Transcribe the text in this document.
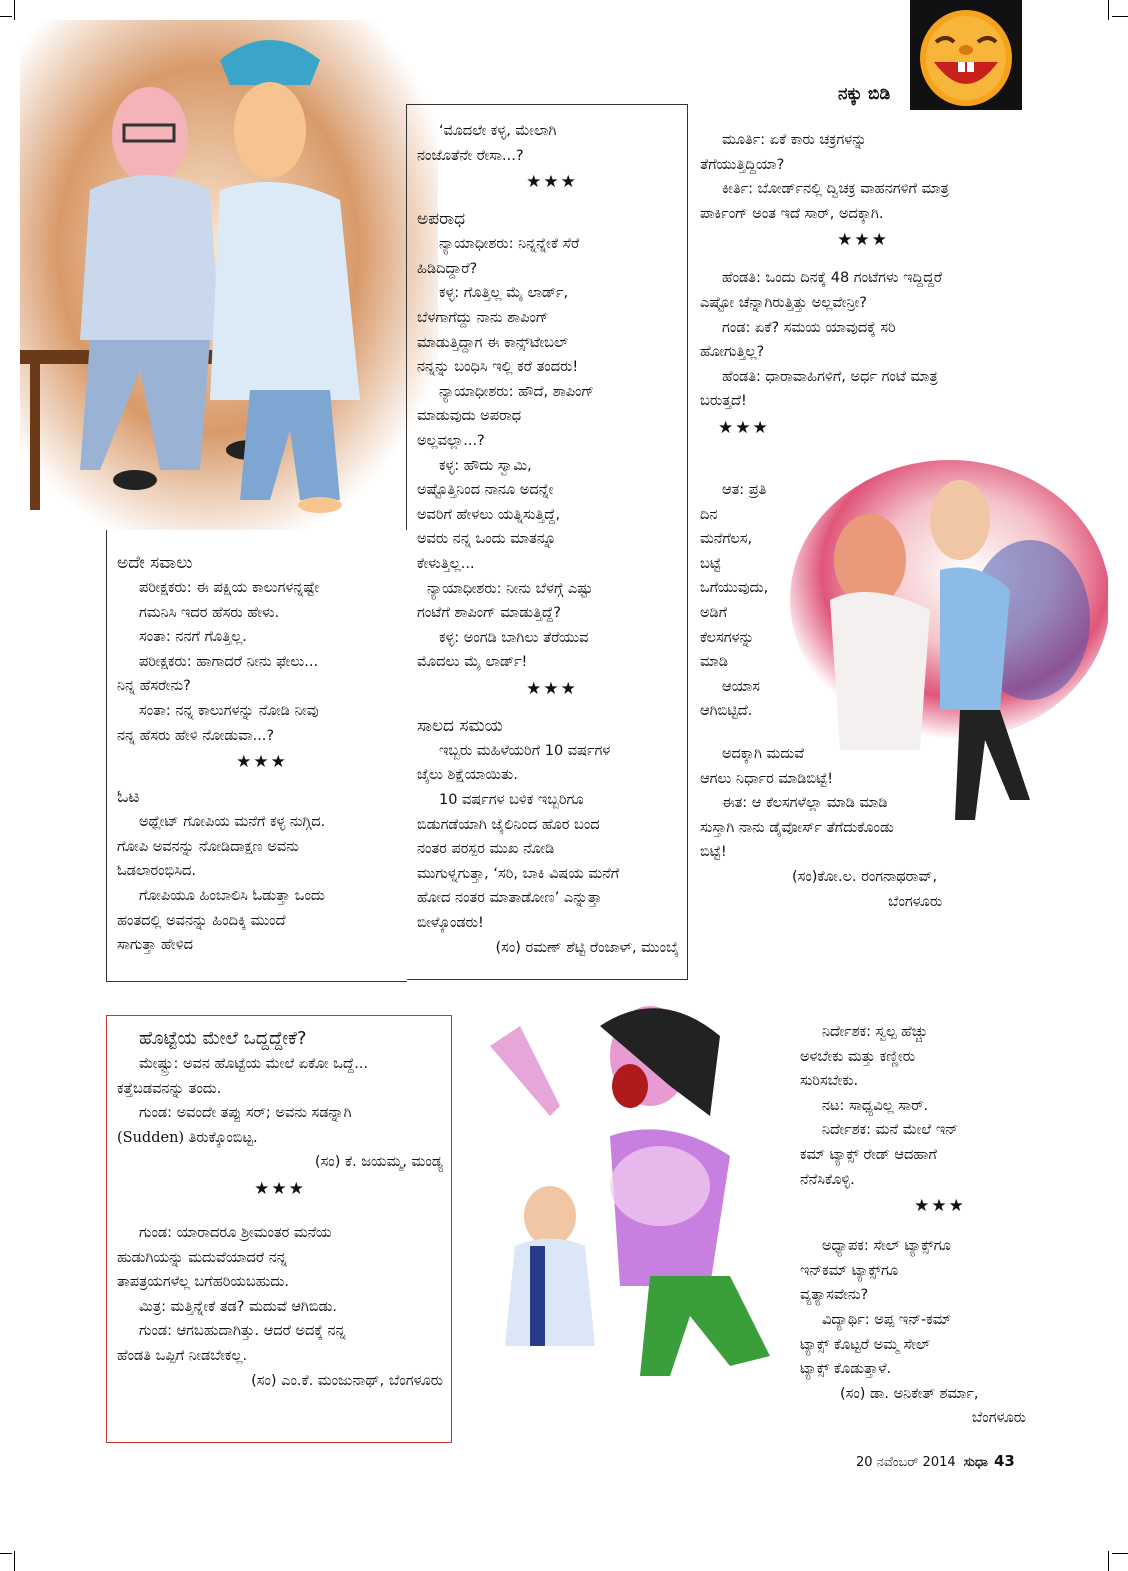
ನಕ್ಕು ಬಿಡಿ

‘ಮೊದಲೇ ಕಳ್ಳ, ಮೇಲಾಗಿ

ನಂಜೊತೆನೇ ರೇಸಾ...?

★★★
ಅಪರಾಧ

ನ್ಯಾಯಾಧೀಶರು: ನಿನ್ನನ್ನೇಕೆ ಸೆರೆ

ಹಿಡಿದಿದ್ದಾರೆ?

ಕಳ್ಳ: ಗೊತ್ತಿಲ್ಲ ಮೈ ಲಾರ್ಡ್,

ಬೆಳಗಾಗೆದ್ದು ನಾನು ಶಾಪಿಂಗ್

ಮಾಡುತ್ತಿದ್ದಾಗ ಈ ಕಾನ್ಸ್‌ಟೇಬಲ್

ನನ್ನನ್ನು ಬಂಧಿಸಿ ಇಲ್ಲಿ ಕರೆ ತಂದರು!

ನ್ಯಾಯಾಧೀಶರು: ಹೌದೆ, ಶಾಪಿಂಗ್

ಮಾಡುವುದು ಅಪರಾಧ

ಅಲ್ಲವಲ್ಲಾ...?

ಕಳ್ಳ: ಹೌದು ಸ್ವಾಮಿ,

ಅಷ್ಟೊತ್ತಿನಿಂದ ನಾನೂ ಅದನ್ನೇ

ಅವರಿಗೆ ಹೇಳಲು ಯತ್ನಿಸುತ್ತಿದ್ದೆ,

ಅವರು ನನ್ನ ಒಂದು ಮಾತನ್ನೂ

ಕೇಳುತ್ತಿಲ್ಲ...

ನ್ಯಾಯಾಧೀಶರು: ನೀನು ಬೆಳಗ್ಗೆ ಎಷ್ಟು

ಗಂಟೆಗೆ ಶಾಪಿಂಗ್ ಮಾಡುತ್ತಿದ್ದೆ?

ಕಳ್ಳ: ಅಂಗಡಿ ಬಾಗಿಲು ತೆರೆಯುವ

ಮೊದಲು ಮೈ ಲಾರ್ಡ್!

★★★
ಸಾಲದ ಸಮಯ

ಇಬ್ಬರು ಮಹಿಳೆಯರಿಗೆ 10 ವರ್ಷಗಳ

ಜೈಲು ಶಿಕ್ಷೆಯಾಯಿತು.

10 ವರ್ಷಗಳ ಬಳಿಕ ಇಬ್ಬರಿಗೂ

ಬಿಡುಗಡೆಯಾಗಿ ಜೈಲಿನಿಂದ ಹೊರ ಬಂದ

ನಂತರ ಪರಸ್ಪರ ಮುಖ ನೋಡಿ

ಮುಗುಳ್ನಗುತ್ತಾ, ‘ಸರಿ, ಬಾಕಿ ವಿಷಯ ಮನೆಗೆ

ಹೋದ ನಂತರ ಮಾತಾಡೋಣ’ ಎನ್ನುತ್ತಾ

ಬೀಳ್ಕೊಂಡರು!

(ಸಂ) ರಮಣ್ ಶೆಟ್ಟಿ ರೆಂಜಾಳ್, ಮುಂಬೈ

ಅದೇ ಸವಾಲು

ಪರೀಕ್ಷಕರು: ಈ ಪಕ್ಷಿಯ ಕಾಲುಗಳನ್ನಷ್ಟೇ

ಗಮನಿಸಿ ಇದರ ಹೆಸರು ಹೇಳು.

ಸಂತಾ: ನನಗೆ ಗೊತ್ತಿಲ್ಲ.

ಪರೀಕ್ಷಕರು: ಹಾಗಾದರೆ ನೀನು ಫೇಲು...

ನಿನ್ನ ಹೆಸರೇನು?

ಸಂತಾ: ನನ್ನ ಕಾಲುಗಳನ್ನು ನೋಡಿ ನೀವು

ನನ್ನ ಹೆಸರು ಹೇಳಿ ನೋಡುವಾ...?

★★★
ಓಟ

ಅಥ್ಲೇಟ್ ಗೋಪಿಯ ಮನೆಗೆ ಕಳ್ಳ ನುಗ್ಗಿದ.

ಗೋಪಿ ಅವನನ್ನು ನೋಡಿದಾಕ್ಷಣ ಅವನು

ಓಡಲಾರಂಭಿಸಿದ.

ಗೋಪಿಯೂ ಹಿಂಬಾಲಿಸಿ ಓಡುತ್ತಾ ಒಂದು

ಹಂತದಲ್ಲಿ ಅವನನ್ನು ಹಿಂದಿಕ್ಕಿ ಮುಂದೆ

ಸಾಗುತ್ತಾ ಹೇಳಿದ

ಮೂರ್ತಿ: ಏಕೆ ಕಾರು ಚಕ್ರಗಳನ್ನು

ತೆಗೆಯುತ್ತಿದ್ದಿಯಾ?

ಕೀರ್ತಿ: ಬೋರ್ಡ್‌ನಲ್ಲಿ ದ್ವಿಚಕ್ರ ವಾಹನಗಳಿಗೆ ಮಾತ್ರ

ಪಾರ್ಕಿಂಗ್ ಅಂತ ಇದೆ ಸಾರ್, ಅದಕ್ಕಾಗಿ.

★★★

ಹೆಂಡತಿ: ಒಂದು ದಿನಕ್ಕೆ 48 ಗಂಟೆಗಳು ಇದ್ದಿದ್ದರೆ

ಎಷ್ಟೋ ಚೆನ್ನಾಗಿರುತ್ತಿತ್ತು ಅಲ್ಲವೇನ್ರೀ?

ಗಂಡ: ಏಕೆ? ಸಮಯ ಯಾವುದಕ್ಕೆ ಸರಿ

ಹೋಗುತ್ತಿಲ್ಲ?

ಹೆಂಡತಿ: ಧಾರಾವಾಹಿಗಳಿಗೆ, ಅರ್ಧ ಗಂಟೆ ಮಾತ್ರ

ಬರುತ್ತದೆ!

★★★

ಆತ: ಪ್ರತಿ

ದಿನ

ಮನೆಗೆಲಸ,

ಬಟ್ಟೆ

ಒಗೆಯುವುದು,

ಅಡಿಗೆ

ಕೆಲಸಗಳನ್ನು

ಮಾಡಿ

ಆಯಾಸ

ಆಗಿಬಿಟ್ಟಿದೆ.

ಅದಕ್ಕಾಗಿ ಮದುವೆ

ಆಗಲು ನಿರ್ಧಾರ ಮಾಡಿಬಿಟ್ಟೆ!

ಈತ: ಆ ಕೆಲಸಗಳೆಲ್ಲಾ ಮಾಡಿ ಮಾಡಿ

ಸುಸ್ತಾಗಿ ನಾನು ಡೈವೋರ್ಸ್ ತೆಗೆದುಕೊಂಡು

ಬಿಟ್ಟೆ!

(ಸಂ)ಕೋ.ಲ. ರಂಗನಾಥರಾವ್,

ಬೆಂಗಳೂರು

ಹೊಟ್ಟೆಯ ಮೇಲೆ ಒದ್ದದ್ದೇಕೆ?

ಮೇಷ್ಟ್ರು: ಅವನ ಹೊಟ್ಟೆಯ ಮೇಲೆ ಏಕೋ ಒದ್ದೆ...

ಕತ್ತೆಬಡವನನ್ನು ತಂದು.

ಗುಂಡ: ಅವಂದೇ ತಪ್ಪು ಸರ್; ಅವನು ಸಡನ್ನಾಗಿ

(Sudden) ತಿರುಕ್ಕೊಂಬಿಟ್ಟ.

(ಸಂ) ಕೆ. ಜಯಮ್ಮ, ಮಂಡ್ಯ

★★★

ಗುಂಡ: ಯಾರಾದರೂ ಶ್ರೀಮಂತರ ಮನೆಯ

ಹುಡುಗಿಯನ್ನು ಮದುವೆಯಾದರೆ ನನ್ನ

ತಾಪತ್ರಯಗಳೆಲ್ಲ ಬಗೆಹರಿಯಬಹುದು.

ಮಿತ್ರ: ಮತ್ತಿನ್ನೇಕೆ ತಡ? ಮದುವೆ ಆಗಿಬಿಡು.

ಗುಂಡ: ಆಗಬಹುದಾಗಿತ್ತು. ಆದರೆ ಅದಕ್ಕೆ ನನ್ನ

ಹೆಂಡತಿ ಒಪ್ಪಿಗೆ ನೀಡಬೇಕಲ್ಲ.

(ಸಂ) ಎಂ.ಕೆ. ಮಂಜುನಾಥ್, ಬೆಂಗಳೂರು

ನಿರ್ದೇಶಕ: ಸ್ವಲ್ಪ ಹೆಚ್ಚು

ಅಳಬೇಕು ಮತ್ತು ಕಣ್ಣೀರು

ಸುರಿಸಬೇಕು.

ನಟ: ಸಾಧ್ಯವಿಲ್ಲ ಸಾರ್.

ನಿರ್ದೇಶಕ: ಮನೆ ಮೇಲೆ ಇನ್

ಕಮ್ ಟ್ಯಾಕ್ಸ್ ರೇಡ್ ಆದಹಾಗೆ

ನೆನೆಸಿಕೊಳ್ಳಿ.

★★★

ಅಧ್ಯಾಪಕ: ಸೇಲ್ ಟ್ಯಾಕ್ಸ್‌ಗೂ

ಇನ್‌ಕಮ್ ಟ್ಯಾಕ್ಸ್‌ಗೂ

ವ್ಯತ್ಯಾಸವೇನು?

ವಿದ್ಯಾರ್ಥಿ: ಅಪ್ಪ ಇನ್-ಕಮ್

ಟ್ಯಾಕ್ಸ್ ಕೊಟ್ಟರೆ ಅಮ್ಮ ಸೇಲ್

ಟ್ಯಾಕ್ಸ್ ಕೊಡುತ್ತಾಳೆ.

(ಸಂ) ಡಾ. ಅನಿಕೇತ್ ಶರ್ಮಾ,

ಬೆಂಗಳೂರು

20 ನವೆಂಬರ್ 2014 ಸುಧಾ 43
